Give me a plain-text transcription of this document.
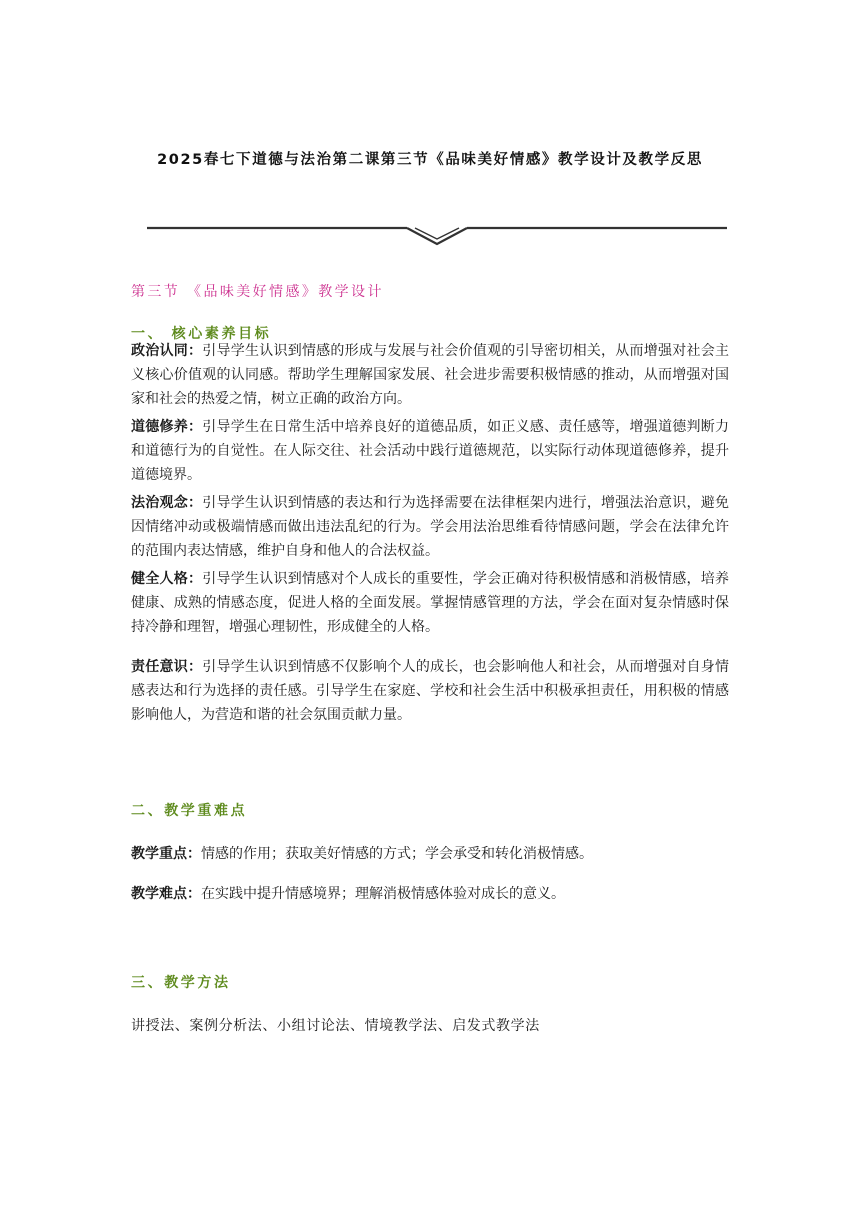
2025春七下道德与法治第二课第三节《品味美好情感》教学设计及教学反思
第三节 《品味美好情感》教学设计
一、 核心素养目标

政治认同：引导学生认识到情感的形成与发展与社会价值观的引导密切相关，从而增强对社会主义核心价值观的认同感。帮助学生理解国家发展、社会进步需要积极情感的推动，从而增强对国家和社会的热爱之情，树立正确的政治方向。

道德修养：引导学生在日常生活中培养良好的道德品质，如正义感、责任感等，增强道德判断力和道德行为的自觉性。在人际交往、社会活动中践行道德规范，以实际行动体现道德修养，提升道德境界。

法治观念：引导学生认识到情感的表达和行为选择需要在法律框架内进行，增强法治意识，避免因情绪冲动或极端情感而做出违法乱纪的行为。学会用法治思维看待情感问题，学会在法律允许的范围内表达情感，维护自身和他人的合法权益。

健全人格：引导学生认识到情感对个人成长的重要性，学会正确对待积极情感和消极情感，培养健康、成熟的情感态度，促进人格的全面发展。掌握情感管理的方法，学会在面对复杂情感时保持冷静和理智，增强心理韧性，形成健全的人格。

责任意识：引导学生认识到情感不仅影响个人的成长，也会影响他人和社会，从而增强对自身情感表达和行为选择的责任感。引导学生在家庭、学校和社会生活中积极承担责任，用积极的情感影响他人，为营造和谐的社会氛围贡献力量。

二、教学重难点

教学重点：情感的作用；获取美好情感的方式；学会承受和转化消极情感。

教学难点：在实践中提升情感境界；理解消极情感体验对成长的意义。

三、教学方法
讲授法、案例分析法、小组讨论法、情境教学法、启发式教学法
